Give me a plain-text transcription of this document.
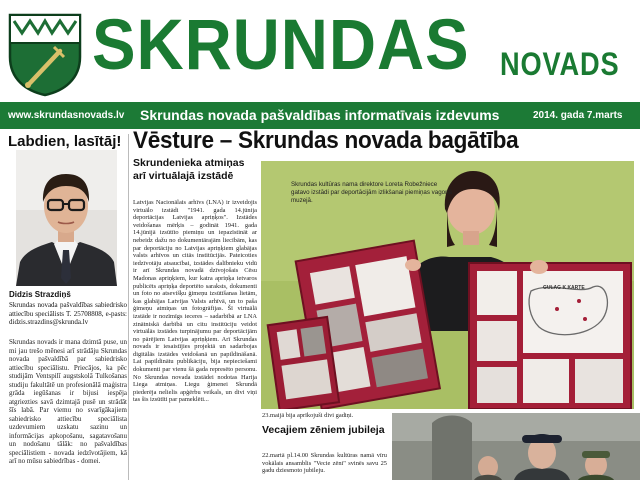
SKRUNDAS NOVADS
www.skrundasnovads.lv Skrundas novada pašvaldības informatīvais izdevums	2014. gada 7.marts
Labdien, lasītāj!
Didzis Strazdiņš
Skrundas novada pašvaldības sabiedrisko attiecību speciālists T. 25708808, e-pasts: didzis.strazdins@skrunda.lv
Skrundas novads ir mana dzimtā puse, un mi jau trešo mēnesi arī strādāju Skrundas novada pašvaldībā par sabiedrisko attiecību speciālistu. Priecājos, ka pēc studijām Ventspilī augstskolā Tulkošanas studiju fakultātē un profesionālā maģistra grāda iegūšanas ir bijusi iespēja atgriezties savā dzimtajā pusē un strādāt šīs labā. Par viemu no svarīgākajiem sabiedrisko attiecību speciālista uzdevumiem uzskatu sazinu un informācijas apkopošanu, sagatavošanu un nodošanu tālāk: no pašvaldības speciālistiem - novada iedzīvotājiem, kā arī no mūsu sabiedrības - domei.
Vēsture – Skrundas novada bagātība
Skrundenieka atmiņas arī virtuālajā izstādē
Latvijas Nacionālais arhīvs (LNA) ir izveidojis virtuālo izstādi "1941. gada 14.jūnija deportācijas Latvijas apriņķos". Izstādes veidošanas mērķis – godināt 1941. gada 14.jūnijā izsūtīto piemiņu un iepazīstināt ar nebeidz dažu no dokumentārajām liecībām, kas par deportāciju no Latvijas apriņķiem glabājas valsts arhīvos un citās institūcijās. Pateicoties iedzīvotāju atsaucībai, izstādes dalībnieku vidū ir arī Skrundas novadā dzīvojošais Cēsu Madonas apriņķiem, kur katra apriņķa ietvaros publicēts apriņķa deportēto saraksts, dokumenti un foto no atsevišķu ģimeņu izsūtīšanas lietām, kas glabājas Latvijas Valsts arhīvā, un to paša ģimeņu atmiņas un fotogrāfijas. Šī virtuālā izstāde ir nozīmīgs ieceres – sadarbībā ar LNA zinātniskā darbībā un citu institūciju veidot virtuālās izstādes turpinājumu par deportācijām no pārējiem Latvijas apriņķiem. Arī Skrundas novads ir iesaistījies projektā un sadarbojas digitālās izstādes veidošanā un papildināšanā. Lai papildinātu publikāciju, bija nepieciešami dokumenti par vienu šā gada represēto personu. No Skrundas novada izstādei nodotas Harija Liega atmiņas. Liegu ģimenei Skrundā piederēja nelielis apģērbu veikals, un divi viņi tas šis izsūtīti par pameklēti...
Skrundas kultūras nama direktore Loreta Robežniece gatavo izstādi par deportācijām izlikšanai piemiņas vagonā muzejā.
GULAG K KARTE
23.maijā bija aprīkojuši divi gadiņi.
Vecajiem zēniem jubileja
22.martā pl.14.00 Skrundas kultūras namā vīru vokālais ansamblis "Vecie zēni" svinēs savu 25 gadu dziesmoto jubileju.
